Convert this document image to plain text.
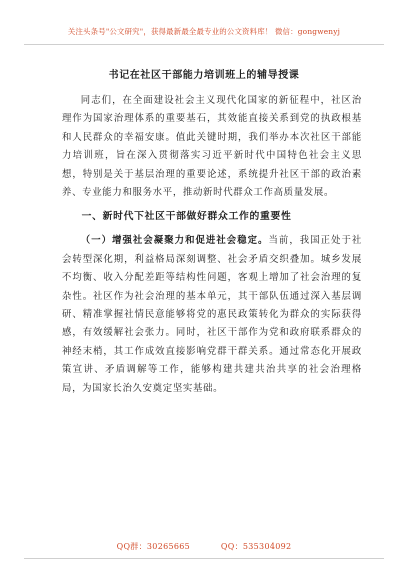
关注头条号"公文研究"，获得最新最全最专业的公文资料库！ 微信：gongwenyj
书记在社区干部能力培训班上的辅导授课

同志们，在全面建设社会主义现代化国家的新征程中，社区治理作为国家治理体系的重要基石，其效能直接关系到党的执政根基和人民群众的幸福安康。值此关键时期，我们举办本次社区干部能力培训班，旨在深入贯彻落实习近平新时代中国特色社会主义思想，特别是关于基层治理的重要论述，系统提升社区干部的政治素养、专业能力和服务水平，推动新时代群众工作高质量发展。

一、新时代下社区干部做好群众工作的重要性

（一）增强社会凝聚力和促进社会稳定。当前，我国正处于社会转型深化期，利益格局深刻调整、社会矛盾交织叠加。城乡发展不均衡、收入分配差距等结构性问题，客观上增加了社会治理的复杂性。社区作为社会治理的基本单元，其干部队伍通过深入基层调研、精准掌握社情民意能够将党的惠民政策转化为群众的实际获得感，有效缓解社会张力。同时，社区干部作为党和政府联系群众的神经末梢，其工作成效直接影响党群干群关系。通过常态化开展政策宣讲、矛盾调解等工作，能够构建共建共治共享的社会治理格局，为国家长治久安奠定坚实基础。

QQ群：30265665	QQ：535304092
